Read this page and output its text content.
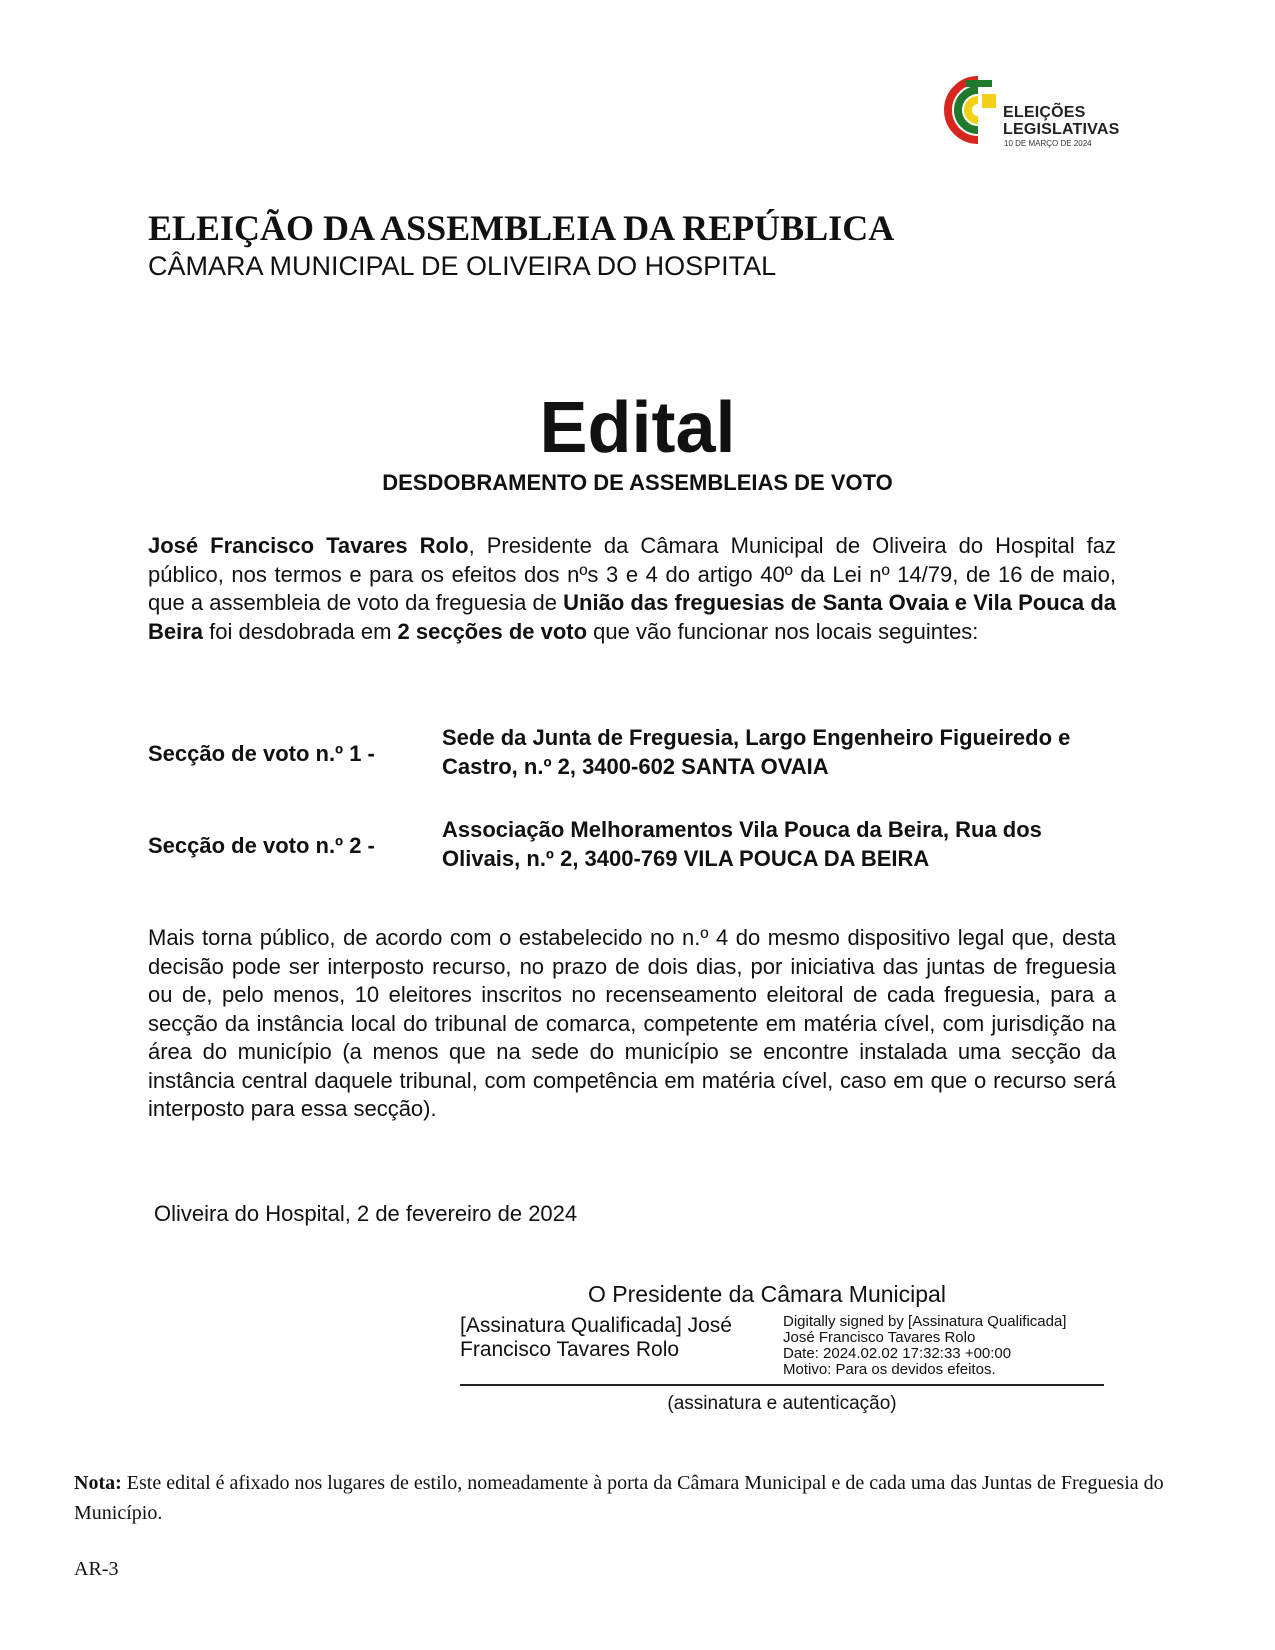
ELEIÇÕES
LEGISLATIVAS
10 DE MARÇO DE 2024
ELEIÇÃO DA ASSEMBLEIA DA REPÚBLICA
CÂMARA MUNICIPAL DE OLIVEIRA DO HOSPITAL
Edital
DESDOBRAMENTO DE ASSEMBLEIAS DE VOTO
José Francisco Tavares Rolo, Presidente da Câmara Municipal de Oliveira do Hospital faz público, nos termos e para os efeitos dos nºs 3 e 4 do artigo 40º da Lei nº 14/79, de 16 de maio, que a assembleia de voto da freguesia de União das freguesias de Santa Ovaia e Vila Pouca da Beira foi desdobrada em 2 secções de voto que vão funcionar nos locais seguintes:
Secção de voto n.º 1 -
Sede da Junta de Freguesia, Largo Engenheiro Figueiredo e Castro, n.º 2, 3400-602 SANTA OVAIA
Secção de voto n.º 2 -
Associação Melhoramentos Vila Pouca da Beira, Rua dos Olivais, n.º 2, 3400-769 VILA POUCA DA BEIRA
Mais torna público, de acordo com o estabelecido no n.º 4 do mesmo dispositivo legal que, desta decisão pode ser interposto recurso, no prazo de dois dias, por iniciativa das juntas de freguesia ou de, pelo menos, 10 eleitores inscritos no recenseamento eleitoral de cada freguesia, para a secção da instância local do tribunal de comarca, competente em matéria cível, com jurisdição na área do município (a menos que na sede do município se encontre instalada uma secção da instância central daquele tribunal, com competência em matéria cível, caso em que o recurso será interposto para essa secção).
Oliveira do Hospital, 2 de fevereiro de 2024
O Presidente da Câmara Municipal
[Assinatura Qualificada] José Francisco Tavares Rolo
Digitally signed by [Assinatura Qualificada]
José Francisco Tavares Rolo
Date: 2024.02.02 17:32:33 +00:00
Motivo: Para os devidos efeitos.
(assinatura e autenticação)
Nota: Este edital é afixado nos lugares de estilo, nomeadamente à porta da Câmara Municipal e de cada uma das Juntas de Freguesia do Município.
AR-3
